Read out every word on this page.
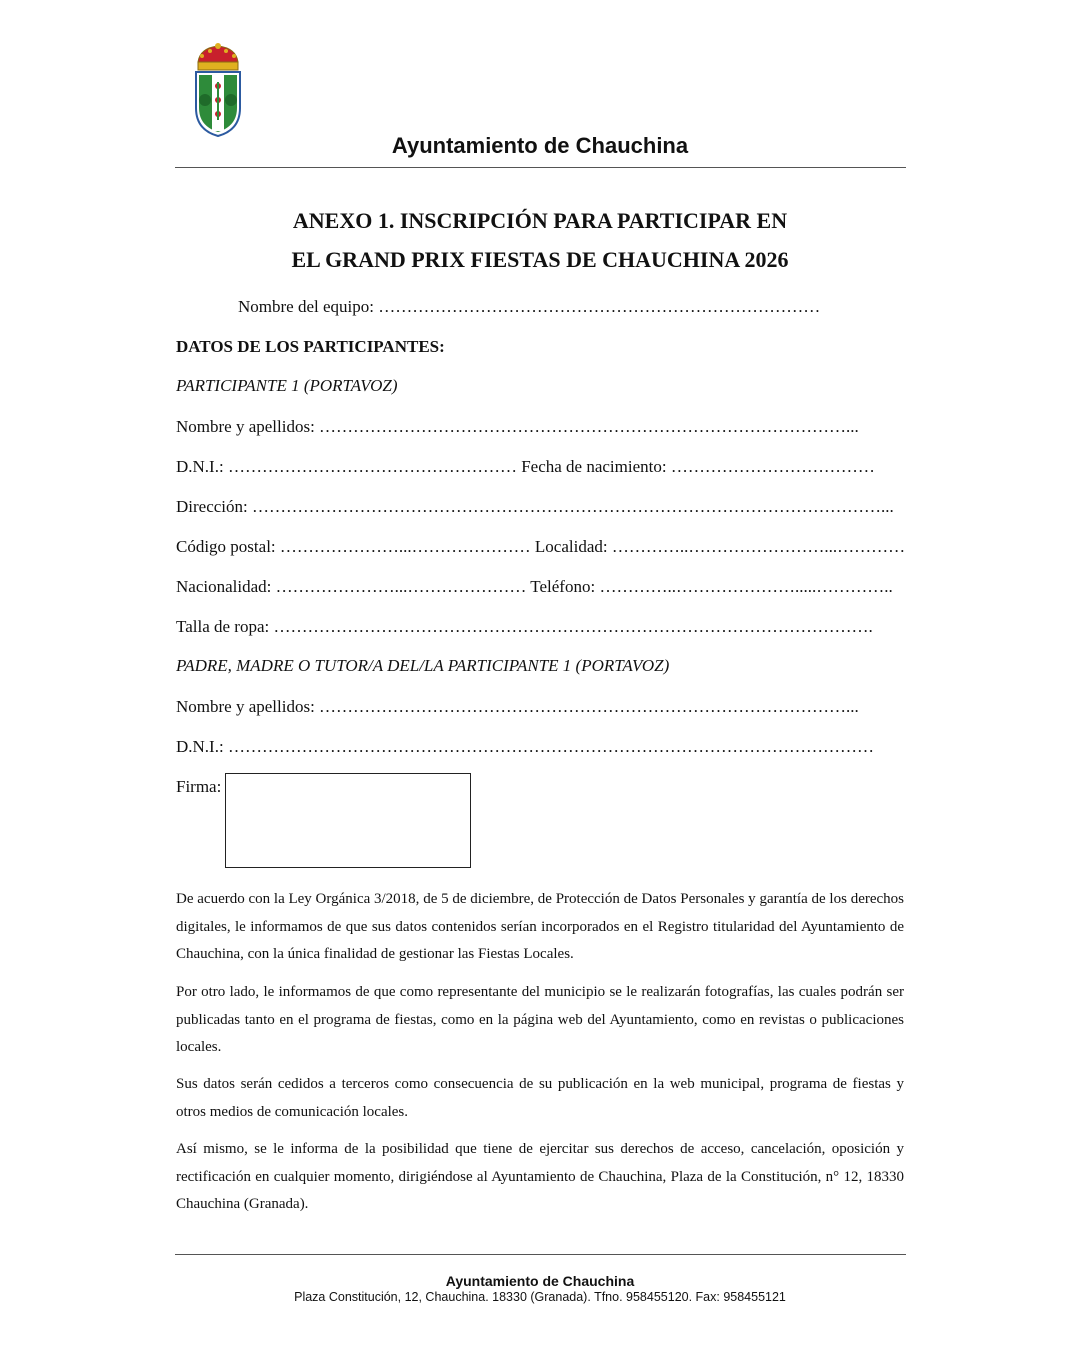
Ayuntamiento de Chauchina
ANEXO 1. INSCRIPCIÓN PARA PARTICIPAR EN
EL GRAND PRIX FIESTAS DE CHAUCHINA 2026
Nombre del equipo: ……………………………………………………………………
DATOS DE LOS PARTICIPANTES:
PARTICIPANTE 1 (PORTAVOZ)
Nombre y apellidos: …………………………………………………………………………………...
D.N.I.: …………………………………………… Fecha de nacimiento: ………………………………
Dirección: …………………………………………………………………………………………………...
Código postal: …………………...………………… Localidad: …………..……………………...…………
Nacionalidad: …………………...………………… Teléfono: …………..………………….....…………..
Talla de ropa: …………………………………………………………………………………………….
PADRE, MADRE O TUTOR/A DEL/LA PARTICIPANTE 1 (PORTAVOZ)
Nombre y apellidos: …………………………………………………………………………………...
D.N.I.: ……………………………………………………………………………………………………
Firma:

De acuerdo con la Ley Orgánica 3/2018, de 5 de diciembre, de Protección de Datos Personales y garantía de los derechos digitales, le informamos de que sus datos contenidos serían incorporados en el Registro titularidad del Ayuntamiento de Chauchina, con la única finalidad de gestionar las Fiestas Locales.

Por otro lado, le informamos de que como representante del municipio se le realizarán fotografías, las cuales podrán ser publicadas tanto en el programa de fiestas, como en la página web del Ayuntamiento, como en revistas o publicaciones locales.

Sus datos serán cedidos a terceros como consecuencia de su publicación en la web municipal, programa de fiestas y otros medios de comunicación locales.

Así mismo, se le informa de la posibilidad que tiene de ejercitar sus derechos de acceso, cancelación, oposición y rectificación en cualquier momento, dirigiéndose al Ayuntamiento de Chauchina, Plaza de la Constitución, n° 12, 18330 Chauchina (Granada).

Ayuntamiento de Chauchina
Plaza Constitución, 12, Chauchina. 18330 (Granada). Tfno. 958455120. Fax: 958455121
